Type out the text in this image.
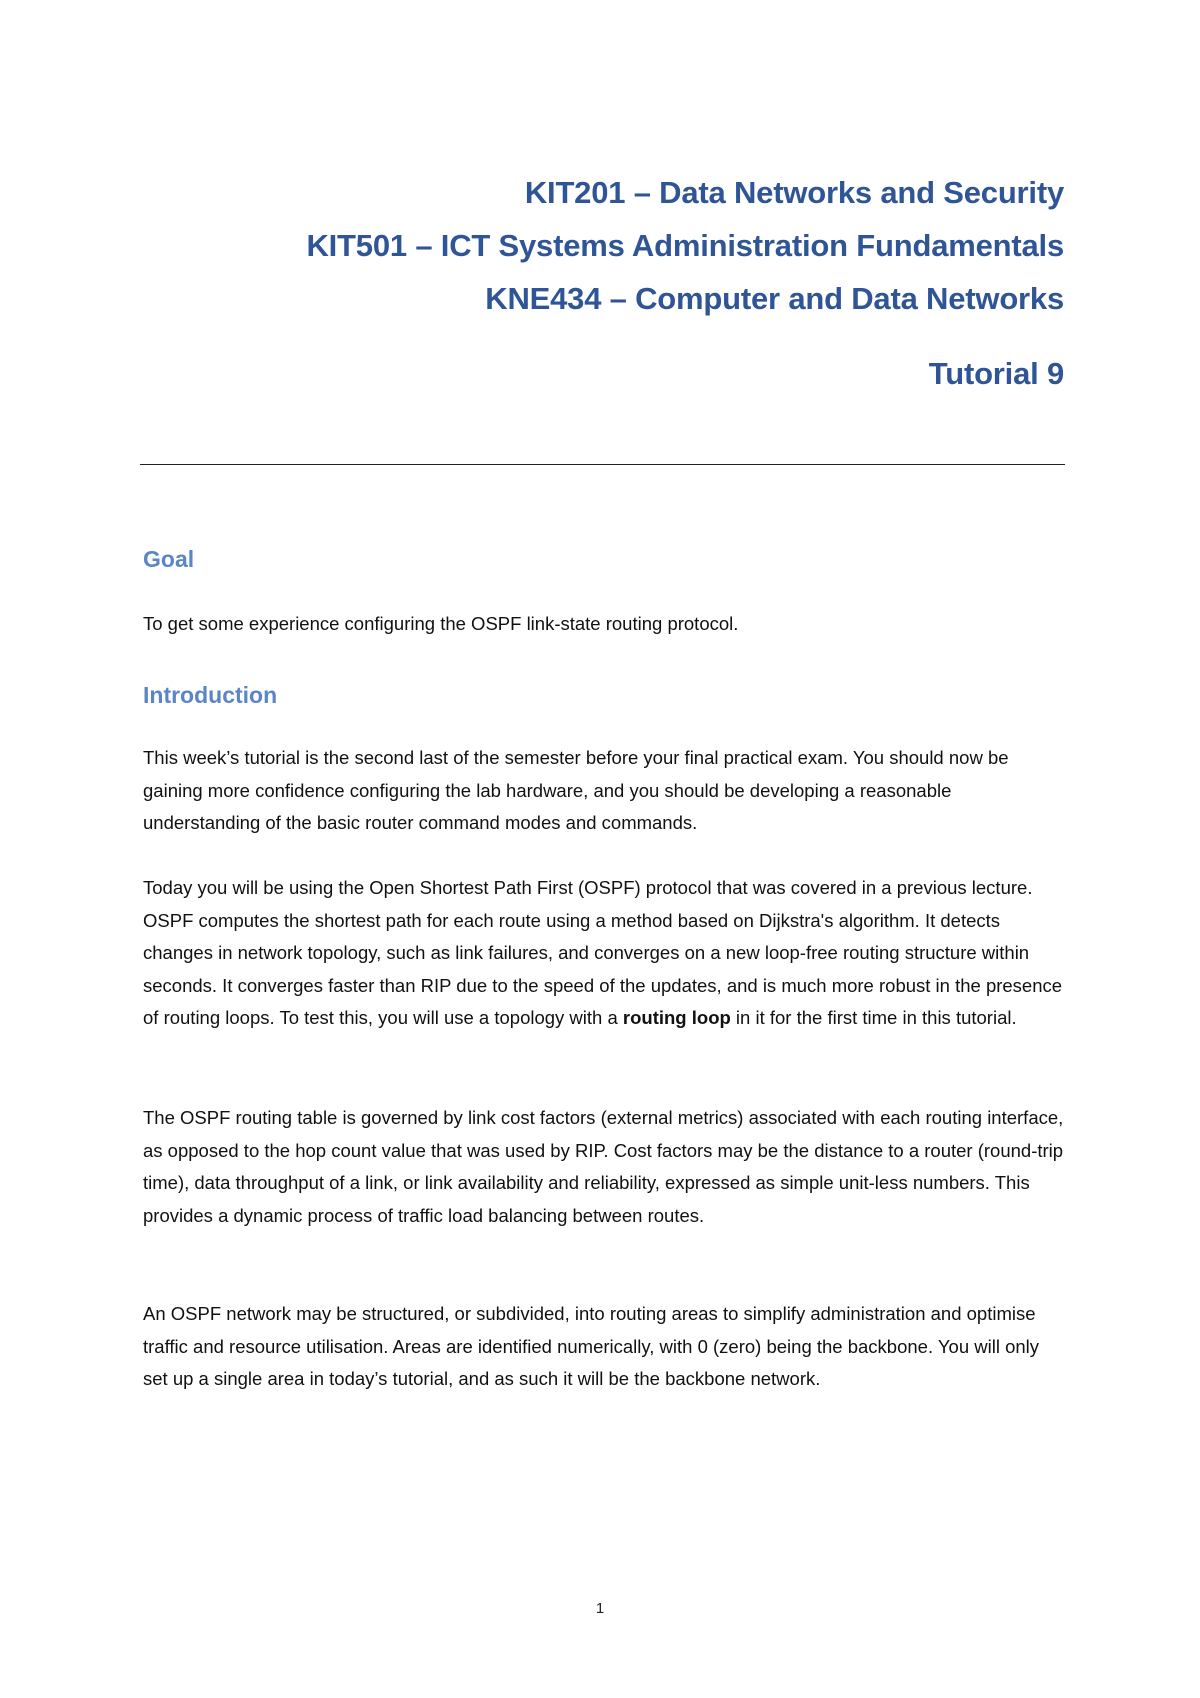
KIT201 – Data Networks and Security
KIT501 – ICT Systems Administration Fundamentals
KNE434 – Computer and Data Networks
Tutorial 9
Goal
To get some experience configuring the OSPF link-state routing protocol.
Introduction
This week’s tutorial is the second last of the semester before your final practical exam. You should now be gaining more confidence configuring the lab hardware, and you should be developing a reasonable understanding of the basic router command modes and commands.
Today you will be using the Open Shortest Path First (OSPF) protocol that was covered in a previous lecture. OSPF computes the shortest path for each route using a method based on Dijkstra's algorithm. It detects changes in network topology, such as link failures, and converges on a new loop-free routing structure within seconds. It converges faster than RIP due to the speed of the updates, and is much more robust in the presence of routing loops. To test this, you will use a topology with a routing loop in it for the first time in this tutorial.
The OSPF routing table is governed by link cost factors (external metrics) associated with each routing interface, as opposed to the hop count value that was used by RIP. Cost factors may be the distance to a router (round-trip time), data throughput of a link, or link availability and reliability, expressed as simple unit-less numbers. This provides a dynamic process of traffic load balancing between routes.
An OSPF network may be structured, or subdivided, into routing areas to simplify administration and optimise traffic and resource utilisation. Areas are identified numerically, with 0 (zero) being the backbone. You will only set up a single area in today’s tutorial, and as such it will be the backbone network.
1
